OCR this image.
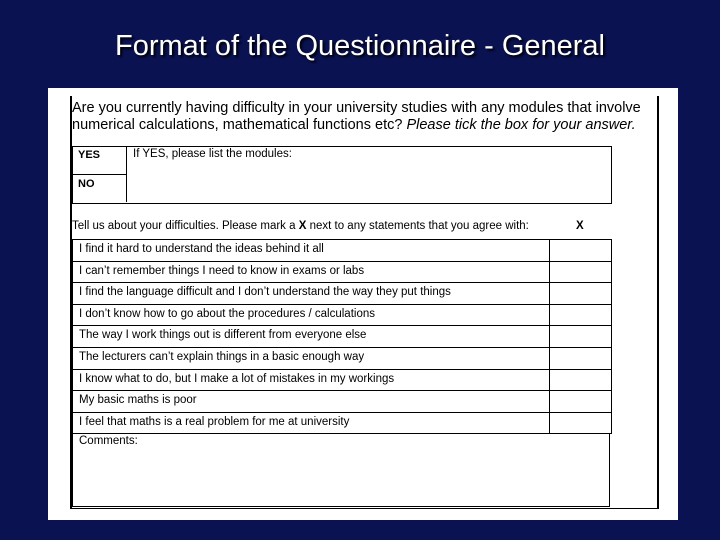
Format of the Questionnaire - General
Are you currently having difficulty in your university studies with any modules that involve
numerical calculations, mathematical functions etc? Please tick the box for your answer.
YES
NO
If YES, please list the modules:
Tell us about your difficulties. Please mark a X next to any statements that you agree with:	X
I find it hard to understand the ideas behind it all
I can’t remember things I need to know in exams or labs
I find the language difficult and I don’t understand the way they put things
I don’t know how to go about the procedures / calculations
The way I work things out is different from everyone else
The lecturers can’t explain things in a basic enough way
I know what to do, but I make a lot of mistakes in my workings
My basic maths is poor
I feel that maths is a real problem for me at university
Comments:
